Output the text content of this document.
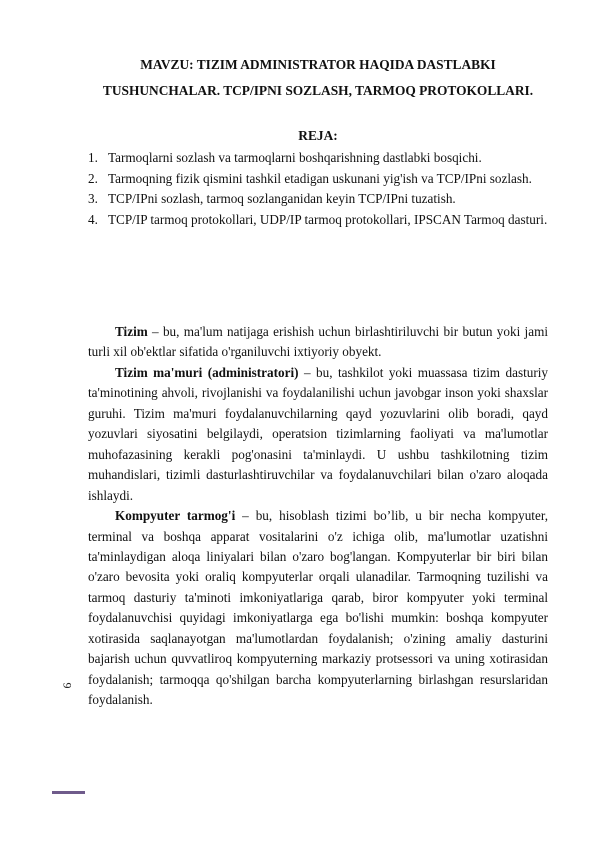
MAVZU: TIZIM ADMINISTRATOR HAQIDA DASTLABKI
TUSHUNCHALAR. TCP/IPNI SOZLASH, TARMOQ PROTOKOLLARI.
REJA:
1. Tarmoqlarni sozlash va tarmoqlarni boshqarishning dastlabki bosqichi.
2. Tarmoqning fizik qismini tashkil etadigan uskunani yig'ish va TCP/IPni sozlash.
3. TCP/IPni sozlash, tarmoq sozlanganidan keyin TCP/IPni tuzatish.
4. TCP/IP tarmoq protokollari, UDP/IP tarmoq protokollari, IPSCAN Tarmoq dasturi.

Tizim – bu, ma'lum natijaga erishish uchun birlashtiriluvchi bir butun yoki jami turli xil ob'ektlar sifatida o'rganiluvchi ixtiyoriy obyekt.

Tizim ma'muri (administratori) – bu, tashkilot yoki muassasa tizim dasturiy ta'minotining ahvoli, rivojlanishi va foydalanilishi uchun javobgar inson yoki shaxslar guruhi. Tizim ma'muri foydalanuvchilarning qayd yozuvlarini olib boradi, qayd yozuvlari siyosatini belgilaydi, operatsion tizimlarning faoliyati va ma'lumotlar muhofazasining kerakli pog'onasini ta'minlaydi. U ushbu tashkilotning tizim muhandislari, tizimli dasturlashtiruvchilar va foydalanuvchilari bilan o'zaro aloqada ishlaydi.

Kompyuter tarmog'i – bu, hisoblash tizimi bo’lib, u bir necha kompyuter, terminal va boshqa apparat vositalarini o'z ichiga olib, ma'lumotlar uzatishni ta'minlaydigan aloqa liniyalari bilan o'zaro bog'langan. Kompyuterlar bir biri bilan o'zaro bevosita yoki oraliq kompyuterlar orqali ulanadilar. Tarmoqning tuzilishi va tarmoq dasturiy ta'minoti imkoniyatlariga qarab, biror kompyuter yoki terminal foydalanuvchisi quyidagi imkoniyatlarga ega bo'lishi mumkin: boshqa kompyuter xotirasida saqlanayotgan ma'lumotlardan foydalanish; o'zining amaliy dasturini bajarish uchun quvvatliroq kompyuterning markaziy protsessori va uning xotirasidan foydalanish; tarmoqqa qo'shilgan barcha kompyuterlarning birlashgan resurslaridan foydalanish.

9
